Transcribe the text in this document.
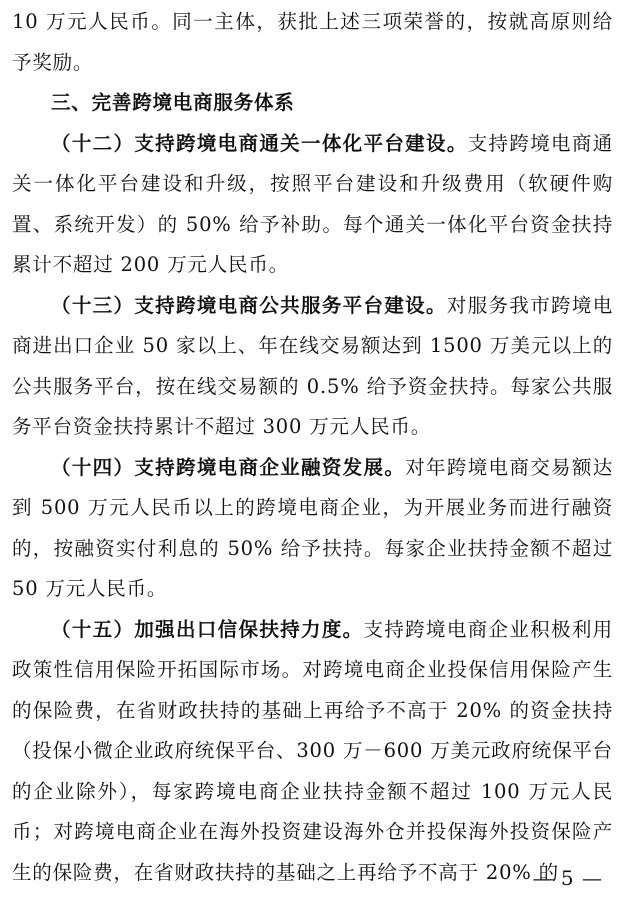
10 万元人民币。同一主体，获批上述三项荣誉的，按就高原则给予奖励。

三、完善跨境电商服务体系

（十二）支持跨境电商通关一体化平台建设。支持跨境电商通关一体化平台建设和升级，按照平台建设和升级费用（软硬件购置、系统开发）的 50% 给予补助。每个通关一体化平台资金扶持累计不超过 200 万元人民币。

（十三）支持跨境电商公共服务平台建设。对服务我市跨境电商进出口企业 50 家以上、年在线交易额达到 1500 万美元以上的公共服务平台，按在线交易额的 0.5% 给予资金扶持。每家公共服务平台资金扶持累计不超过 300 万元人民币。

（十四）支持跨境电商企业融资发展。对年跨境电商交易额达到 500 万元人民币以上的跨境电商企业，为开展业务而进行融资的，按融资实付利息的 50% 给予扶持。每家企业扶持金额不超过 50 万元人民币。

（十五）加强出口信保扶持力度。支持跨境电商企业积极利用政策性信用保险开拓国际市场。对跨境电商企业投保信用保险产生的保险费，在省财政扶持的基础上再给予不高于 20% 的资金扶持（投保小微企业政府统保平台、300 万－600 万美元政府统保平台的企业除外），每家跨境电商企业扶持金额不超过 100 万元人民币；对跨境电商企业在海外投资建设海外仓并投保海外投资保险产生的保险费，在省财政扶持的基础之上再给予不高于 20% 的

— 5 —
